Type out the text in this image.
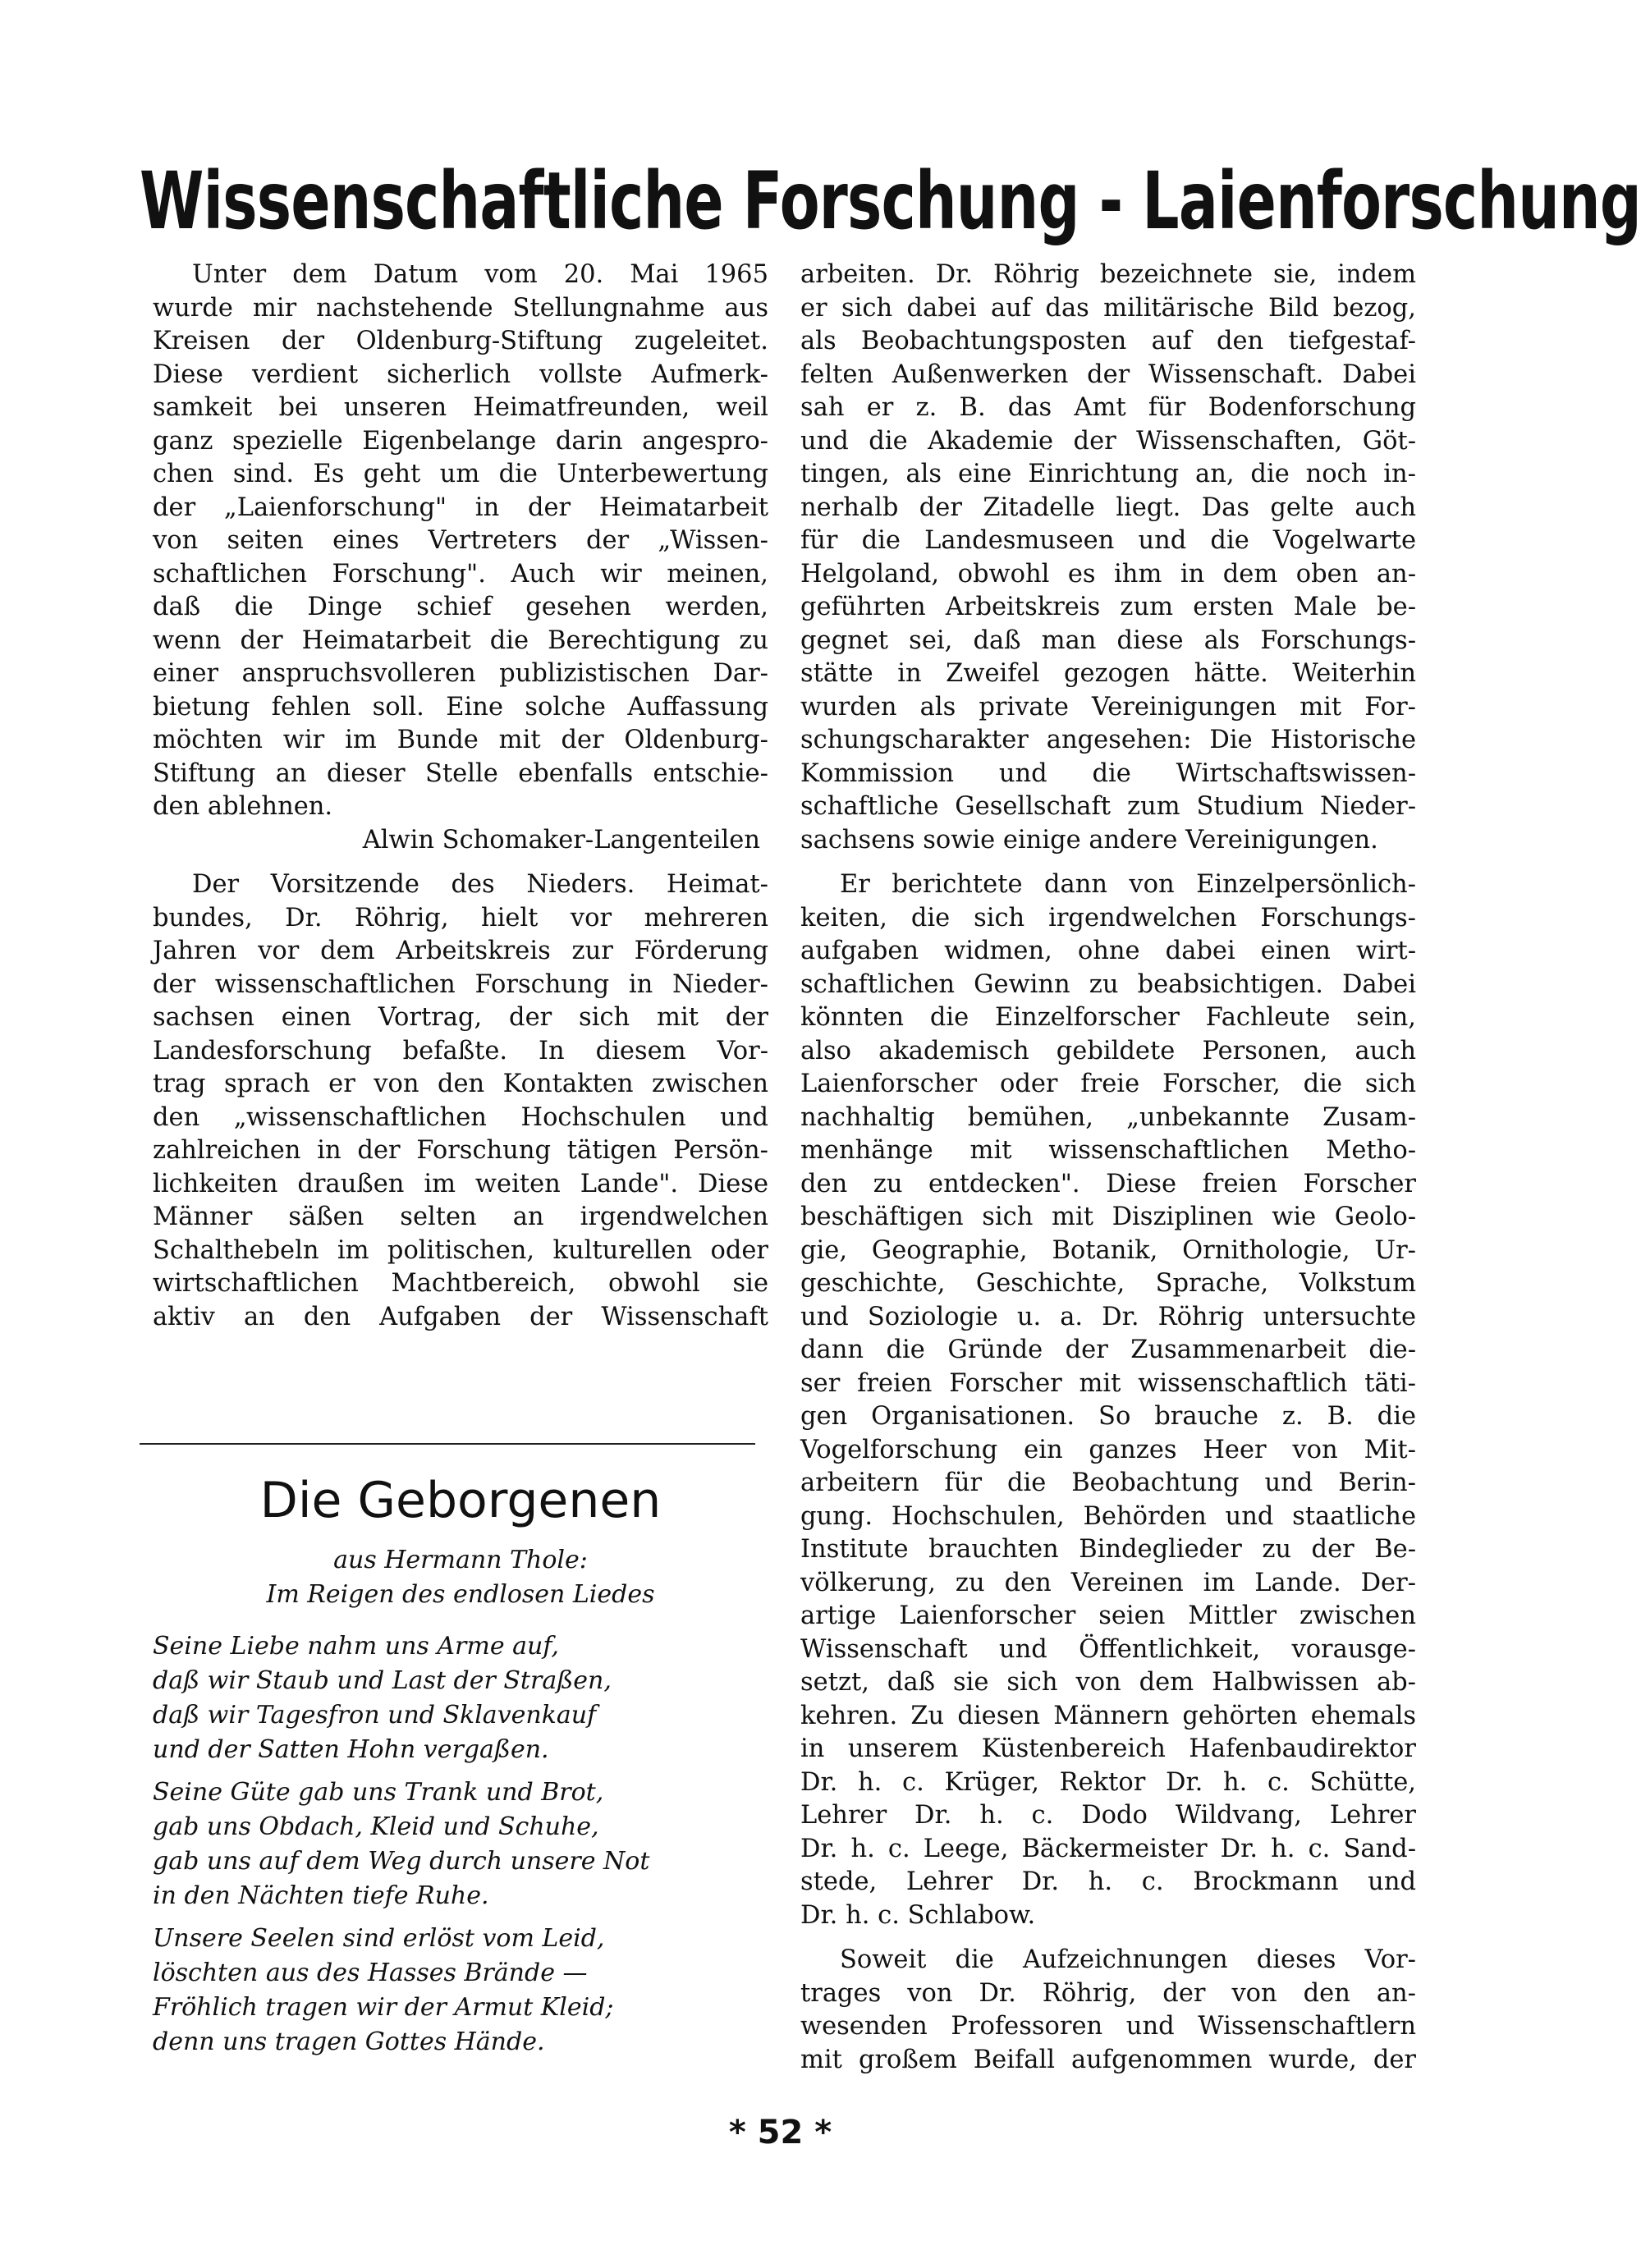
Wissenschaftliche Forschung - Laienforschung
Unter dem Datum vom 20. Mai 1965
wurde mir nachstehende Stellungnahme aus
Kreisen der Oldenburg-Stiftung zugeleitet.
Diese verdient sicherlich vollste Aufmerk-
samkeit bei unseren Heimatfreunden, weil
ganz spezielle Eigenbelange darin angespro-
chen sind. Es geht um die Unterbewertung
der „Laienforschung" in der Heimatarbeit
von seiten eines Vertreters der „Wissen-
schaftlichen Forschung". Auch wir meinen,
daß die Dinge schief gesehen werden,
wenn der Heimatarbeit die Berechtigung zu
einer anspruchsvolleren publizistischen Dar-
bietung fehlen soll. Eine solche Auffassung
möchten wir im Bunde mit der Oldenburg-
Stiftung an dieser Stelle ebenfalls entschie-
den ablehnen.
Alwin Schomaker-Langenteilen
Der Vorsitzende des Nieders. Heimat-
bundes, Dr. Röhrig, hielt vor mehreren
Jahren vor dem Arbeitskreis zur Förderung
der wissenschaftlichen Forschung in Nieder-
sachsen einen Vortrag, der sich mit der
Landesforschung befaßte. In diesem Vor-
trag sprach er von den Kontakten zwischen
den „wissenschaftlichen Hochschulen und
zahlreichen in der Forschung tätigen Persön-
lichkeiten draußen im weiten Lande". Diese
Männer säßen selten an irgendwelchen
Schalthebeln im politischen, kulturellen oder
wirtschaftlichen Machtbereich, obwohl sie
aktiv an den Aufgaben der Wissenschaft
Die Geborgenen
aus Hermann Thole:
Im Reigen des endlosen Liedes
Seine Liebe nahm uns Arme auf,
daß wir Staub und Last der Straßen,
daß wir Tagesfron und Sklavenkauf
und der Satten Hohn vergaßen.
Seine Güte gab uns Trank und Brot,
gab uns Obdach, Kleid und Schuhe,
gab uns auf dem Weg durch unsere Not
in den Nächten tiefe Ruhe.
Unsere Seelen sind erlöst vom Leid,
löschten aus des Hasses Brände —
Fröhlich tragen wir der Armut Kleid;
denn uns tragen Gottes Hände.
arbeiten. Dr. Röhrig bezeichnete sie, indem
er sich dabei auf das militärische Bild bezog,
als Beobachtungsposten auf den tiefgestaf-
felten Außenwerken der Wissenschaft. Dabei
sah er z. B. das Amt für Bodenforschung
und die Akademie der Wissenschaften, Göt-
tingen, als eine Einrichtung an, die noch in-
nerhalb der Zitadelle liegt. Das gelte auch
für die Landesmuseen und die Vogelwarte
Helgoland, obwohl es ihm in dem oben an-
geführten Arbeitskreis zum ersten Male be-
gegnet sei, daß man diese als Forschungs-
stätte in Zweifel gezogen hätte. Weiterhin
wurden als private Vereinigungen mit For-
schungscharakter angesehen: Die Historische
Kommission und die Wirtschaftswissen-
schaftliche Gesellschaft zum Studium Nieder-
sachsens sowie einige andere Vereinigungen.
Er berichtete dann von Einzelpersönlich-
keiten, die sich irgendwelchen Forschungs-
aufgaben widmen, ohne dabei einen wirt-
schaftlichen Gewinn zu beabsichtigen. Dabei
könnten die Einzelforscher Fachleute sein,
also akademisch gebildete Personen, auch
Laienforscher oder freie Forscher, die sich
nachhaltig bemühen, „unbekannte Zusam-
menhänge mit wissenschaftlichen Metho-
den zu entdecken". Diese freien Forscher
beschäftigen sich mit Disziplinen wie Geolo-
gie, Geographie, Botanik, Ornithologie, Ur-
geschichte, Geschichte, Sprache, Volkstum
und Soziologie u. a. Dr. Röhrig untersuchte
dann die Gründe der Zusammenarbeit die-
ser freien Forscher mit wissenschaftlich täti-
gen Organisationen. So brauche z. B. die
Vogelforschung ein ganzes Heer von Mit-
arbeitern für die Beobachtung und Berin-
gung. Hochschulen, Behörden und staatliche
Institute brauchten Bindeglieder zu der Be-
völkerung, zu den Vereinen im Lande. Der-
artige Laienforscher seien Mittler zwischen
Wissenschaft und Öffentlichkeit, vorausge-
setzt, daß sie sich von dem Halbwissen ab-
kehren. Zu diesen Männern gehörten ehemals
in unserem Küstenbereich Hafenbaudirektor
Dr. h. c. Krüger, Rektor Dr. h. c. Schütte,
Lehrer Dr. h. c. Dodo Wildvang, Lehrer
Dr. h. c. Leege, Bäckermeister Dr. h. c. Sand-
stede, Lehrer Dr. h. c. Brockmann und
Dr. h. c. Schlabow.
Soweit die Aufzeichnungen dieses Vor-
trages von Dr. Röhrig, der von den an-
wesenden Professoren und Wissenschaftlern
mit großem Beifall aufgenommen wurde, der
* 52 *
